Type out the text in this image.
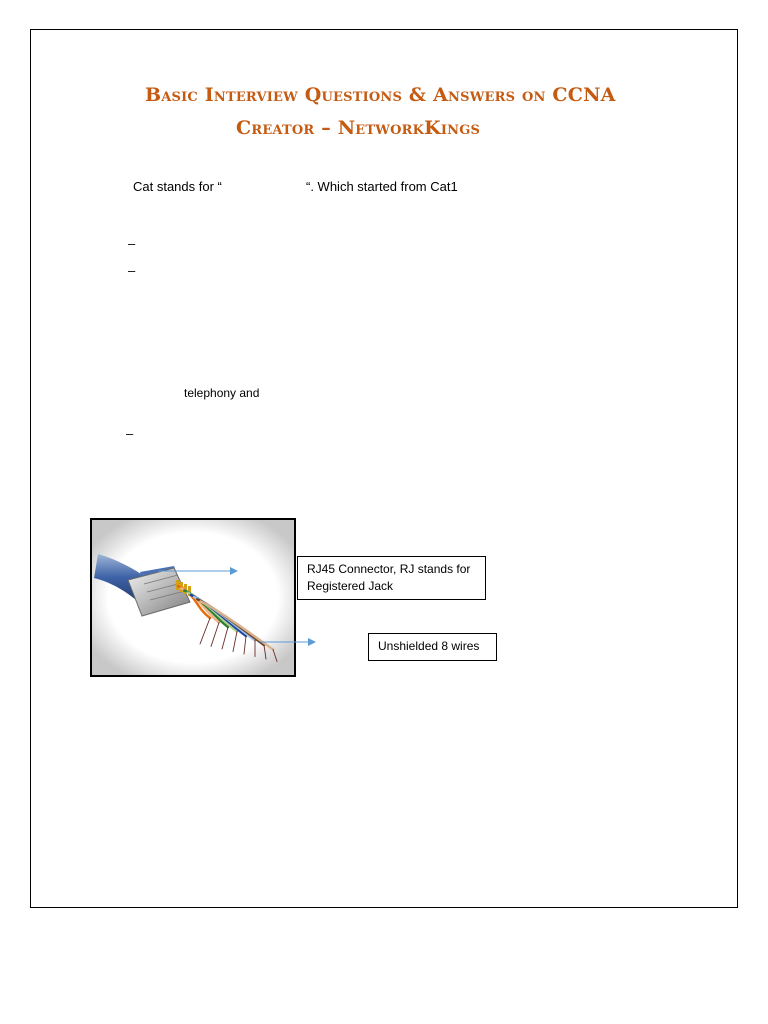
Basic Interview Questions & Answers on CCNA
Creator – NetworkKings
Cat stands for “	“. Which started from Cat1
–
–
telephony and
–
RJ45 Connector, RJ stands for Registered Jack
Unshielded 8 wires
